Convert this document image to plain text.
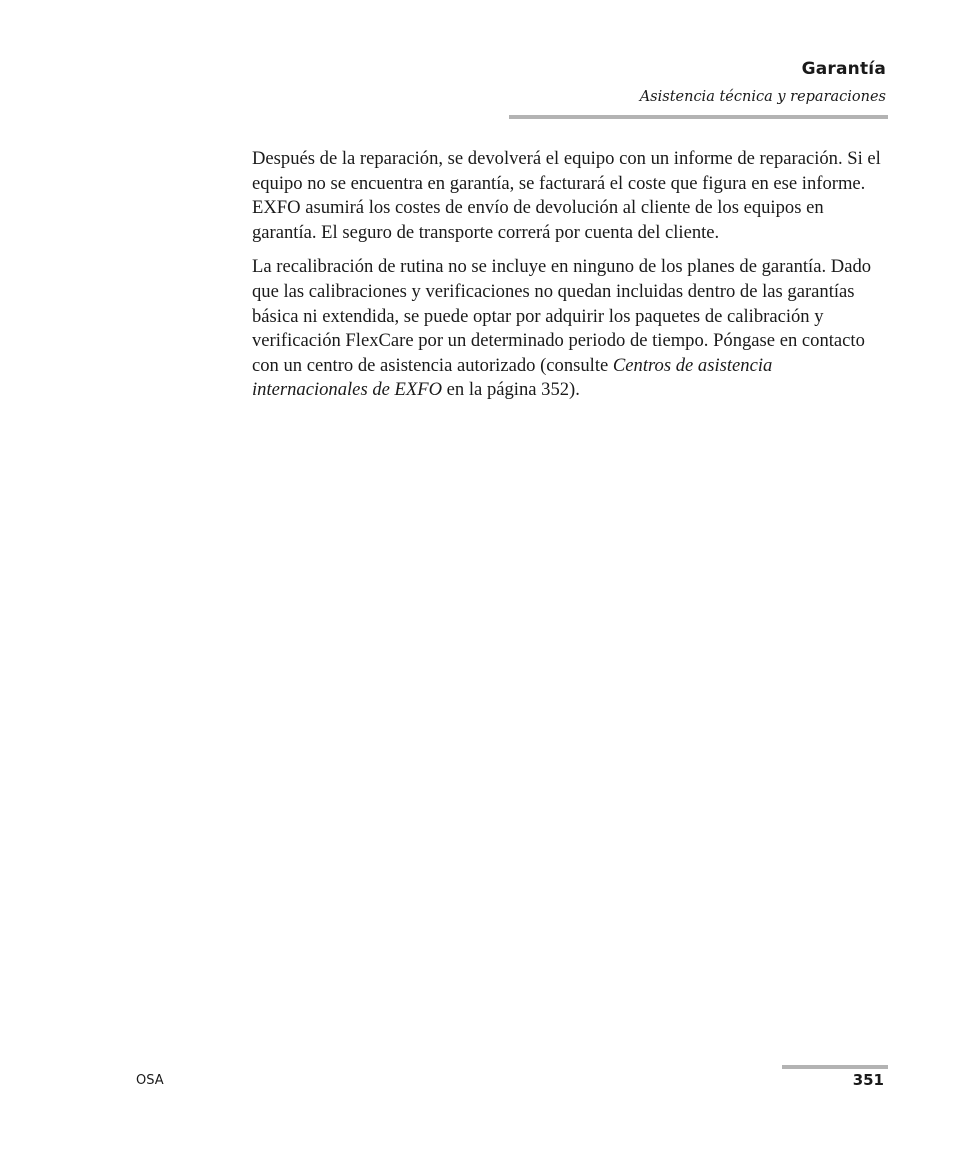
Garantía
Asistencia técnica y reparaciones

Después de la reparación, se devolverá el equipo con un informe de reparación. Si el equipo no se encuentra en garantía, se facturará el coste que figura en ese informe. EXFO asumirá los costes de envío de devolución al cliente de los equipos en garantía. El seguro de transporte correrá por cuenta del cliente.

La recalibración de rutina no se incluye en ninguno de los planes de garantía. Dado que las calibraciones y verificaciones no quedan incluidas dentro de las garantías básica ni extendida, se puede optar por adquirir los paquetes de calibración y verificación FlexCare por un determinado periodo de tiempo. Póngase en contacto con un centro de asistencia autorizado (consulte Centros de asistencia internacionales de EXFO en la página 352).

OSA	351
